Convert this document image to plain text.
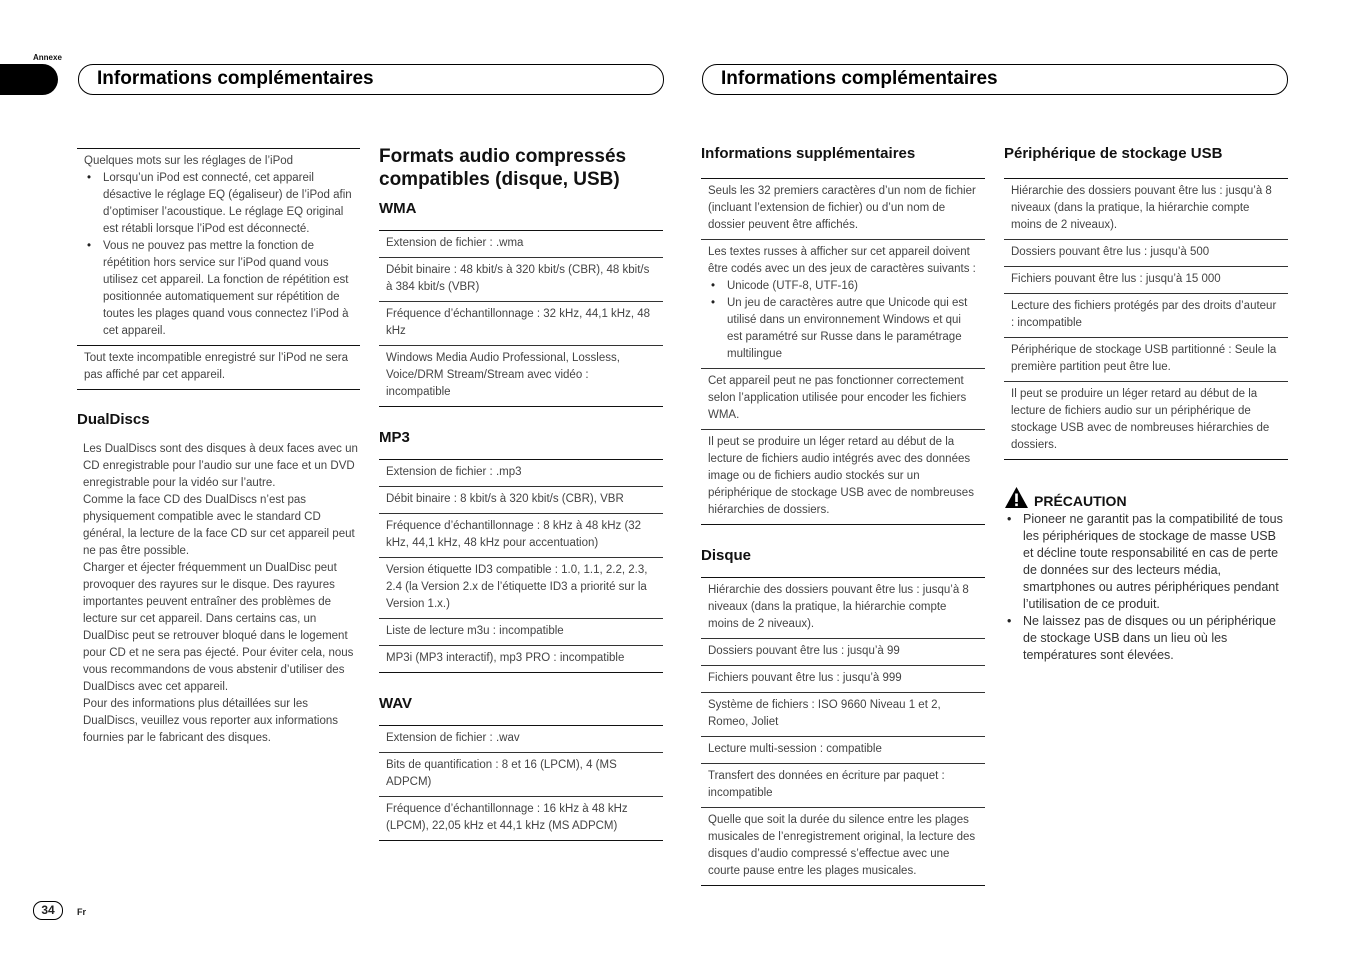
Annexe
Informations complémentaires	Informations complémentaires
Quelques mots sur les réglages de l’iPod
• Lorsqu’un iPod est connecté, cet appareil désactive le réglage EQ (égaliseur) de l’iPod afin d’optimiser l’acoustique. Le réglage EQ original est rétabli lorsque l’iPod est déconnecté.
• Vous ne pouvez pas mettre la fonction de répétition hors service sur l’iPod quand vous utilisez cet appareil. La fonction de répétition est positionnée automatiquement sur répétition de toutes les plages quand vous connectez l’iPod à cet appareil.
Tout texte incompatible enregistré sur l’iPod ne sera pas affiché par cet appareil.
DualDiscs
Les DualDiscs sont des disques à deux faces avec un CD enregistrable pour l’audio sur une face et un DVD enregistrable pour la vidéo sur l’autre.
Comme la face CD des DualDiscs n’est pas physiquement compatible avec le standard CD général, la lecture de la face CD sur cet appareil peut ne pas être possible.
Charger et éjecter fréquemment un DualDisc peut provoquer des rayures sur le disque. Des rayures importantes peuvent entraîner des problèmes de lecture sur cet appareil. Dans certains cas, un DualDisc peut se retrouver bloqué dans le logement pour CD et ne sera pas éjecté. Pour éviter cela, nous vous recommandons de vous abstenir d’utiliser des DualDiscs avec cet appareil.
Pour des informations plus détaillées sur les DualDiscs, veuillez vous reporter aux informations fournies par le fabricant des disques.
Formats audio compressés compatibles (disque, USB)
WMA
Extension de fichier : .wma
Débit binaire : 48 kbit/s à 320 kbit/s (CBR), 48 kbit/s à 384 kbit/s (VBR)
Fréquence d’échantillonnage : 32 kHz, 44,1 kHz, 48 kHz
Windows Media Audio Professional, Lossless, Voice/DRM Stream/Stream avec vidéo : incompatible
MP3
Extension de fichier : .mp3
Débit binaire : 8 kbit/s à 320 kbit/s (CBR), VBR
Fréquence d’échantillonnage : 8 kHz à 48 kHz (32 kHz, 44,1 kHz, 48 kHz pour accentuation)
Version étiquette ID3 compatible : 1.0, 1.1, 2.2, 2.3, 2.4 (la Version 2.x de l’étiquette ID3 a priorité sur la Version 1.x.)
Liste de lecture m3u : incompatible
MP3i (MP3 interactif), mp3 PRO : incompatible
WAV
Extension de fichier : .wav
Bits de quantification : 8 et 16 (LPCM), 4 (MS ADPCM)
Fréquence d’échantillonnage : 16 kHz à 48 kHz (LPCM), 22,05 kHz et 44,1 kHz (MS ADPCM)
Informations supplémentaires
Seuls les 32 premiers caractères d’un nom de fichier (incluant l’extension de fichier) ou d’un nom de dossier peuvent être affichés.
Les textes russes à afficher sur cet appareil doivent être codés avec un des jeux de caractères suivants :
• Unicode (UTF-8, UTF-16)
• Un jeu de caractères autre que Unicode qui est utilisé dans un environnement Windows et qui est paramétré sur Russe dans le paramétrage multilingue
Cet appareil peut ne pas fonctionner correctement selon l’application utilisée pour encoder les fichiers WMA.
Il peut se produire un léger retard au début de la lecture de fichiers audio intégrés avec des données image ou de fichiers audio stockés sur un périphérique de stockage USB avec de nombreuses hiérarchies de dossiers.
Disque
Hiérarchie des dossiers pouvant être lus : jusqu’à 8 niveaux (dans la pratique, la hiérarchie compte moins de 2 niveaux).
Dossiers pouvant être lus : jusqu’à 99
Fichiers pouvant être lus : jusqu’à 999
Système de fichiers : ISO 9660 Niveau 1 et 2, Romeo, Joliet
Lecture multi-session : compatible
Transfert des données en écriture par paquet : incompatible
Quelle que soit la durée du silence entre les plages musicales de l’enregistrement original, la lecture des disques d’audio compressé s’effectue avec une courte pause entre les plages musicales.
Périphérique de stockage USB
Hiérarchie des dossiers pouvant être lus : jusqu’à 8 niveaux (dans la pratique, la hiérarchie compte moins de 2 niveaux).
Dossiers pouvant être lus : jusqu’à 500
Fichiers pouvant être lus : jusqu’à 15 000
Lecture des fichiers protégés par des droits d’auteur : incompatible
Périphérique de stockage USB partitionné : Seule la première partition peut être lue.
Il peut se produire un léger retard au début de la lecture de fichiers audio sur un périphérique de stockage USB avec de nombreuses hiérarchies de dossiers.
PRÉCAUTION
• Pioneer ne garantit pas la compatibilité de tous les périphériques de stockage de masse USB et décline toute responsabilité en cas de perte de données sur des lecteurs média, smartphones ou autres périphériques pendant l’utilisation de ce produit.
• Ne laissez pas de disques ou un périphérique de stockage USB dans un lieu où les températures sont élevées.
34	Fr
